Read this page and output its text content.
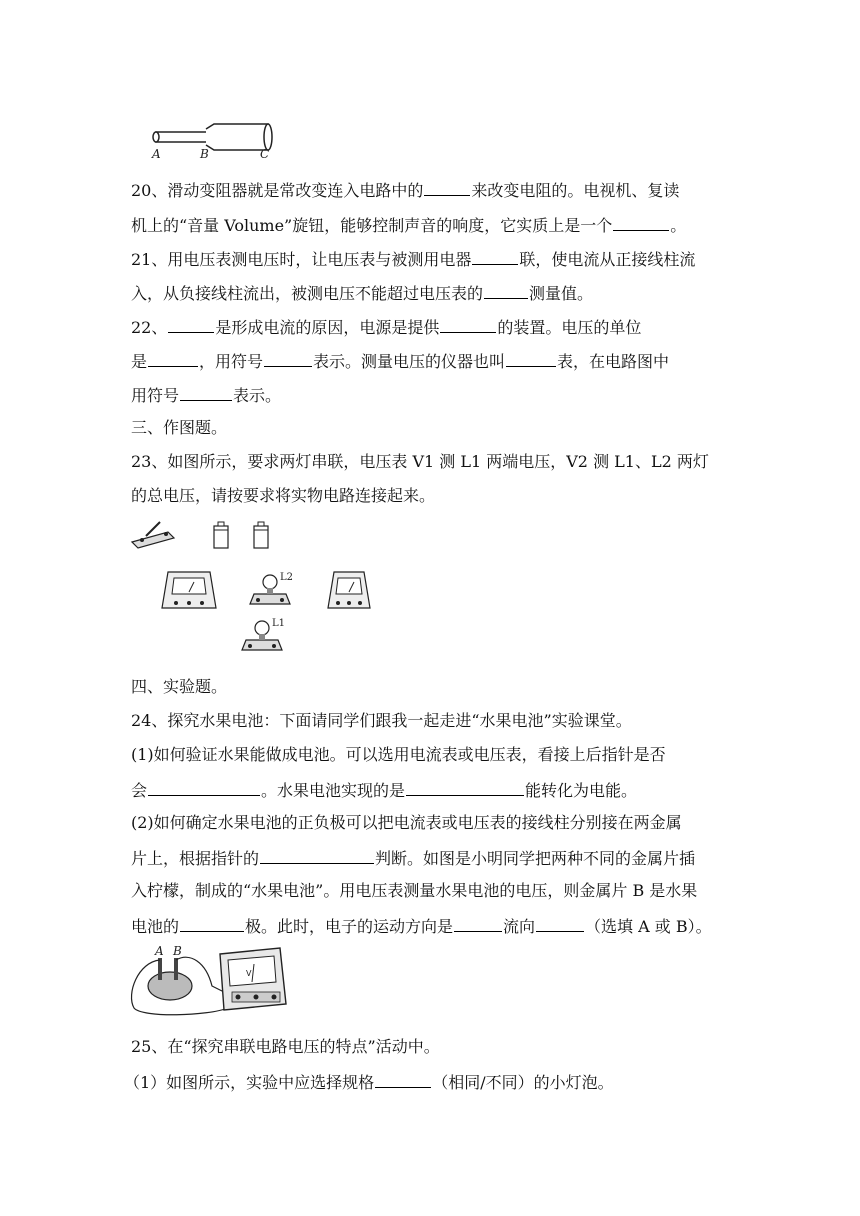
A	B	C
20、滑动变阻器就是常改变连入电路中的	来改变电阻的。电视机、复读
机上的“音量 Volume”旋钮，能够控制声音的响度，它实质上是一个	。
21、用电压表测电压时，让电压表与被测用电器	联，使电流从正接线柱流
入，从负接线柱流出，被测电压不能超过电压表的	测量值。
22、	是形成电流的原因，电源是提供	的装置。电压的单位
是	，用符号	表示。测量电压的仪器也叫	表，在电路图中
用符号	表示。
三、作图题。
23、如图所示，要求两灯串联，电压表 V1 测 L1 两端电压，V2 测 L1、L2 两灯
的总电压，请按要求将实物电路连接起来。
L2
L1
四、实验题。
24、探究水果电池：下面请同学们跟我一起走进“水果电池”实验课堂。
(1)如何验证水果能做成电池。可以选用电流表或电压表，看接上后指针是否
会	。水果电池实现的是	能转化为电能。
(2)如何确定水果电池的正负极可以把电流表或电压表的接线柱分别接在两金属
片上，根据指针的	判断。如图是小明同学把两种不同的金属片插
入柠檬，制成的“水果电池”。用电压表测量水果电池的电压，则金属片 B 是水果
电池的	极。此时，电子的运动方向是	流向	（选填 A 或 B）。
A B
V
25、在“探究串联电路电压的特点”活动中。
（1）如图所示，实验中应选择规格	（相同/不同）的小灯泡。
